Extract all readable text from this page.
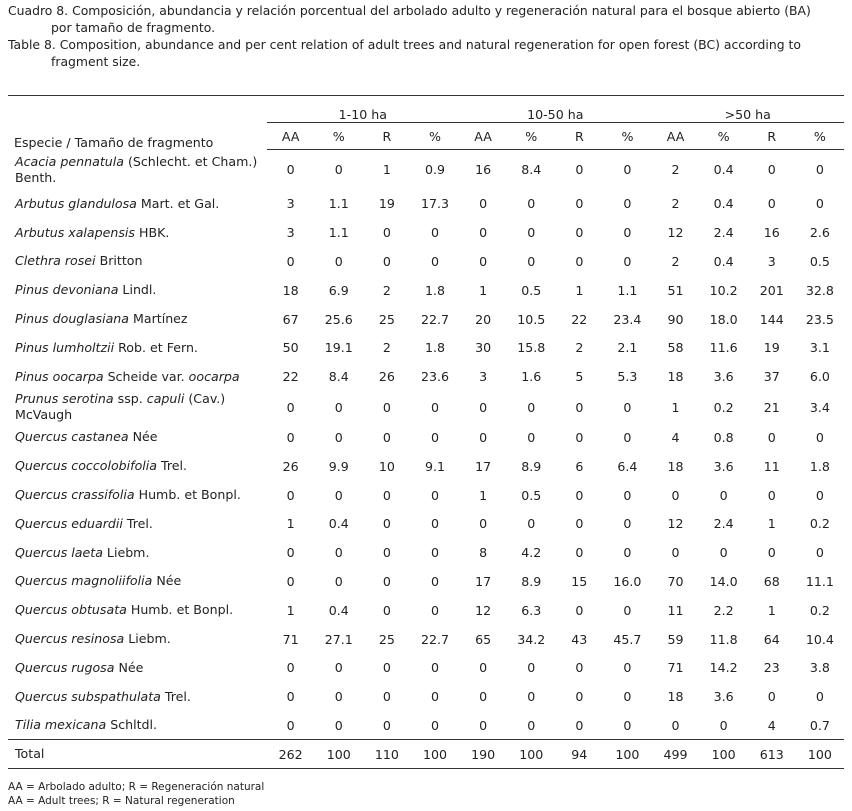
Cuadro 8. Composición, abundancia y relación porcentual del arbolado adulto y regeneración natural para el bosque abierto (BA)
por tamaño de fragmento.
Table 8. Composition, abundance and per cent relation of adult trees and natural regeneration for open forest (BC) according to
fragment size.
Especie / Tamaño de fragmento	1-10 ha				10-50 ha				>50 ha			
	AA	%	R	%	AA	%	R	%	AA	%	R	%
Acacia pennatula (Schlecht. et Cham.) Benth.	0	0	1	0.9	16	8.4	0	0	2	0.4	0	0
Arbutus glandulosa Mart. et Gal.	3	1.1	19	17.3	0	0	0	0	2	0.4	0	0
Arbutus xalapensis HBK.	3	1.1	0	0	0	0	0	0	12	2.4	16	2.6
Clethra rosei Britton	0	0	0	0	0	0	0	0	2	0.4	3	0.5
Pinus devoniana Lindl.	18	6.9	2	1.8	1	0.5	1	1.1	51	10.2	201	32.8
Pinus douglasiana Martínez	67	25.6	25	22.7	20	10.5	22	23.4	90	18.0	144	23.5
Pinus lumholtzii Rob. et Fern.	50	19.1	2	1.8	30	15.8	2	2.1	58	11.6	19	3.1
Pinus oocarpa Scheide var. oocarpa	22	8.4	26	23.6	3	1.6	5	5.3	18	3.6	37	6.0
Prunus serotina ssp. capuli (Cav.) McVaugh	0	0	0	0	0	0	0	0	1	0.2	21	3.4
Quercus castanea Née	0	0	0	0	0	0	0	0	4	0.8	0	0
Quercus coccolobifolia Trel.	26	9.9	10	9.1	17	8.9	6	6.4	18	3.6	11	1.8
Quercus crassifolia Humb. et Bonpl.	0	0	0	0	1	0.5	0	0	0	0	0	0
Quercus eduardii Trel.	1	0.4	0	0	0	0	0	0	12	2.4	1	0.2
Quercus laeta Liebm.	0	0	0	0	8	4.2	0	0	0	0	0	0
Quercus magnoliifolia Née	0	0	0	0	17	8.9	15	16.0	70	14.0	68	11.1
Quercus obtusata Humb. et Bonpl.	1	0.4	0	0	12	6.3	0	0	11	2.2	1	0.2
Quercus resinosa Liebm.	71	27.1	25	22.7	65	34.2	43	45.7	59	11.8	64	10.4
Quercus rugosa Née	0	0	0	0	0	0	0	0	71	14.2	23	3.8
Quercus subspathulata Trel.	0	0	0	0	0	0	0	0	18	3.6	0	0
Tilia mexicana Schltdl.	0	0	0	0	0	0	0	0	0	0	4	0.7
Total	262	100	110	100	190	100	94	100	499	100	613	100
AA = Arbolado adulto; R = Regeneración natural
AA = Adult trees; R = Natural regeneration
